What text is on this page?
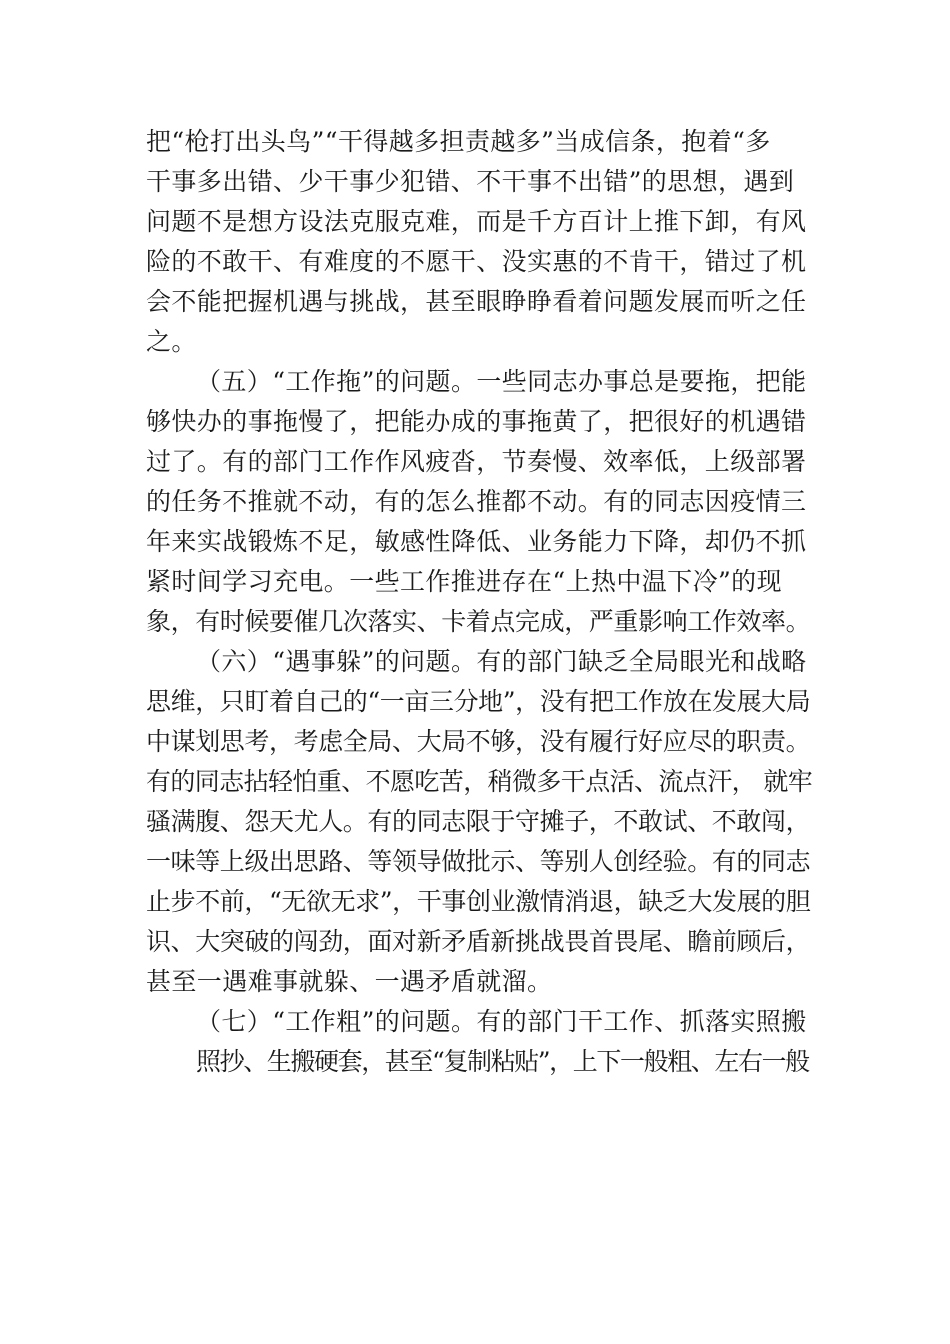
把“枪打出头鸟”“干得越多担责越多”当成信条，抱着“多
干事多出错、少干事少犯错、不干事不出错”的思想，遇到
问题不是想方设法克服克难，而是千方百计上推下卸，有风
险的不敢干、有难度的不愿干、没实惠的不肯干，错过了机
会不能把握机遇与挑战，甚至眼睁睁看着问题发展而听之任
之。
（五）“工作拖”的问题。一些同志办事总是要拖，把能
够快办的事拖慢了，把能办成的事拖黄了，把很好的机遇错
过了。有的部门工作作风疲沓，节奏慢、效率低，上级部署
的任务不推就不动，有的怎么推都不动。有的同志因疫情三
年来实战锻炼不足，敏感性降低、业务能力下降，却仍不抓
紧时间学习充电。一些工作推进存在“上热中温下冷”的现
象，有时候要催几次落实、卡着点完成，严重影响工作效率。
（六）“遇事躲”的问题。有的部门缺乏全局眼光和战略
思维，只盯着自己的“一亩三分地”，没有把工作放在发展大局
中谋划思考，考虑全局、大局不够，没有履行好应尽的职责。
有的同志拈轻怕重、不愿吃苦，稍微多干点活、流点汗， 就牢
骚满腹、怨天尤人。有的同志限于守摊子，不敢试、不敢闯，
一味等上级出思路、等领导做批示、等别人创经验。有的同志
止步不前，“无欲无求”，干事创业激情消退，缺乏大发展的胆
识、大突破的闯劲，面对新矛盾新挑战畏首畏尾、瞻前顾后，
甚至一遇难事就躲、一遇矛盾就溜。
（七）“工作粗”的问题。有的部门干工作、抓落实照搬
照抄、生搬硬套，甚至“复制粘贴”，上下一般粗、左右一般
